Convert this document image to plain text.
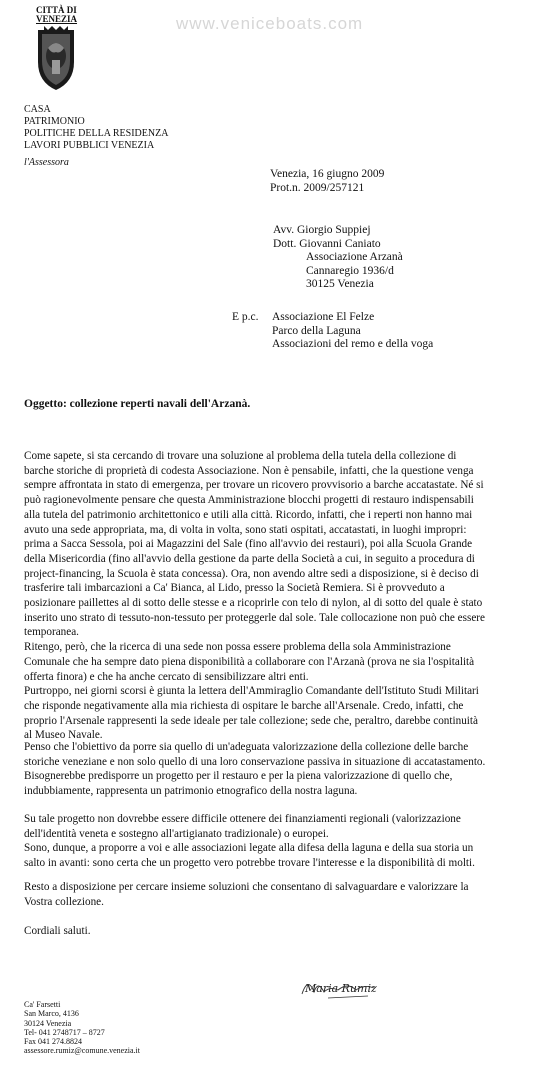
CITTÀ DI
VENEZIA	www.veniceboats.com
CASA
PATRIMONIO
POLITICHE DELLA RESIDENZA
LAVORI PUBBLICI VENEZIA
l'Assessora
Venezia, 16 giugno 2009
Prot.n. 2009/257121
Avv. Giorgio Suppiej
Dott. Giovanni Caniato
Associazione Arzanà
Cannaregio 1936/d
30125 Venezia
E p.c. Associazione El Felze
Parco della Laguna
Associazioni del remo e della voga
Oggetto: collezione reperti navali dell'Arzanà.
Come sapete, si sta cercando di trovare una soluzione al problema della tutela della collezione di
barche storiche di proprietà di codesta Associazione. Non è pensabile, infatti, che la questione venga
sempre affrontata in stato di emergenza, per trovare un ricovero provvisorio a barche accatastate. Né si
può ragionevolmente pensare che questa Amministrazione blocchi progetti di restauro indispensabili
alla tutela del patrimonio architettonico e utili alla città. Ricordo, infatti, che i reperti non hanno mai
avuto una sede appropriata, ma, di volta in volta, sono stati ospitati, accatastati, in luoghi impropri:
prima a Sacca Sessola, poi ai Magazzini del Sale (fino all'avvio dei restauri), poi alla Scuola Grande
della Misericordia (fino all'avvio della gestione da parte della Società a cui, in seguito a procedura di
project-financing, la Scuola è stata concessa). Ora, non avendo altre sedi a disposizione, si è deciso di
trasferire tali imbarcazioni a Ca' Bianca, al Lido, presso la Società Remiera. Si è provveduto a
posizionare paillettes al di sotto delle stesse e a ricoprirle con telo di nylon, al di sotto del quale è stato
inserito uno strato di tessuto-non-tessuto per proteggerle dal sole. Tale collocazione non può che essere
temporanea.
Ritengo, però, che la ricerca di una sede non possa essere problema della sola Amministrazione
Comunale che ha sempre dato piena disponibilità a collaborare con l'Arzanà (prova ne sia l'ospitalità
offerta finora) e che ha anche cercato di sensibilizzare altri enti.
Purtroppo, nei giorni scorsi è giunta la lettera dell'Ammiraglio Comandante dell'Istituto Studi Militari
che risponde negativamente alla mia richiesta di ospitare le barche all'Arsenale. Credo, infatti, che
proprio l'Arsenale rappresenti la sede ideale per tale collezione; sede che, peraltro, darebbe continuità
al Museo Navale.
Penso che l'obiettivo da porre sia quello di un'adeguata valorizzazione della collezione delle barche
storiche veneziane e non solo quello di una loro conservazione passiva in situazione di accatastamento.
Bisognerebbe predisporre un progetto per il restauro e per la piena valorizzazione di quello che,
indubbiamente, rappresenta un patrimonio etnografico della nostra laguna.
Su tale progetto non dovrebbe essere difficile ottenere dei finanziamenti regionali (valorizzazione
dell'identità veneta e sostegno all'artigianato tradizionale) o europei.
Sono, dunque, a proporre a voi e alle associazioni legate alla difesa della laguna e della sua storia un
salto in avanti: sono certa che un progetto vero potrebbe trovare l'interesse e la disponibilità di molti.
Resto a disposizione per cercare insieme soluzioni che consentano di salvaguardare e valorizzare la
Vostra collezione.
Cordiali saluti.
Maria Rumiz
Ca' Farsetti
San Marco, 4136
30124 Venezia
Tel- 041 2748717 – 8727
Fax 041 274.8824
assessore.rumiz@comune.venezia.it
